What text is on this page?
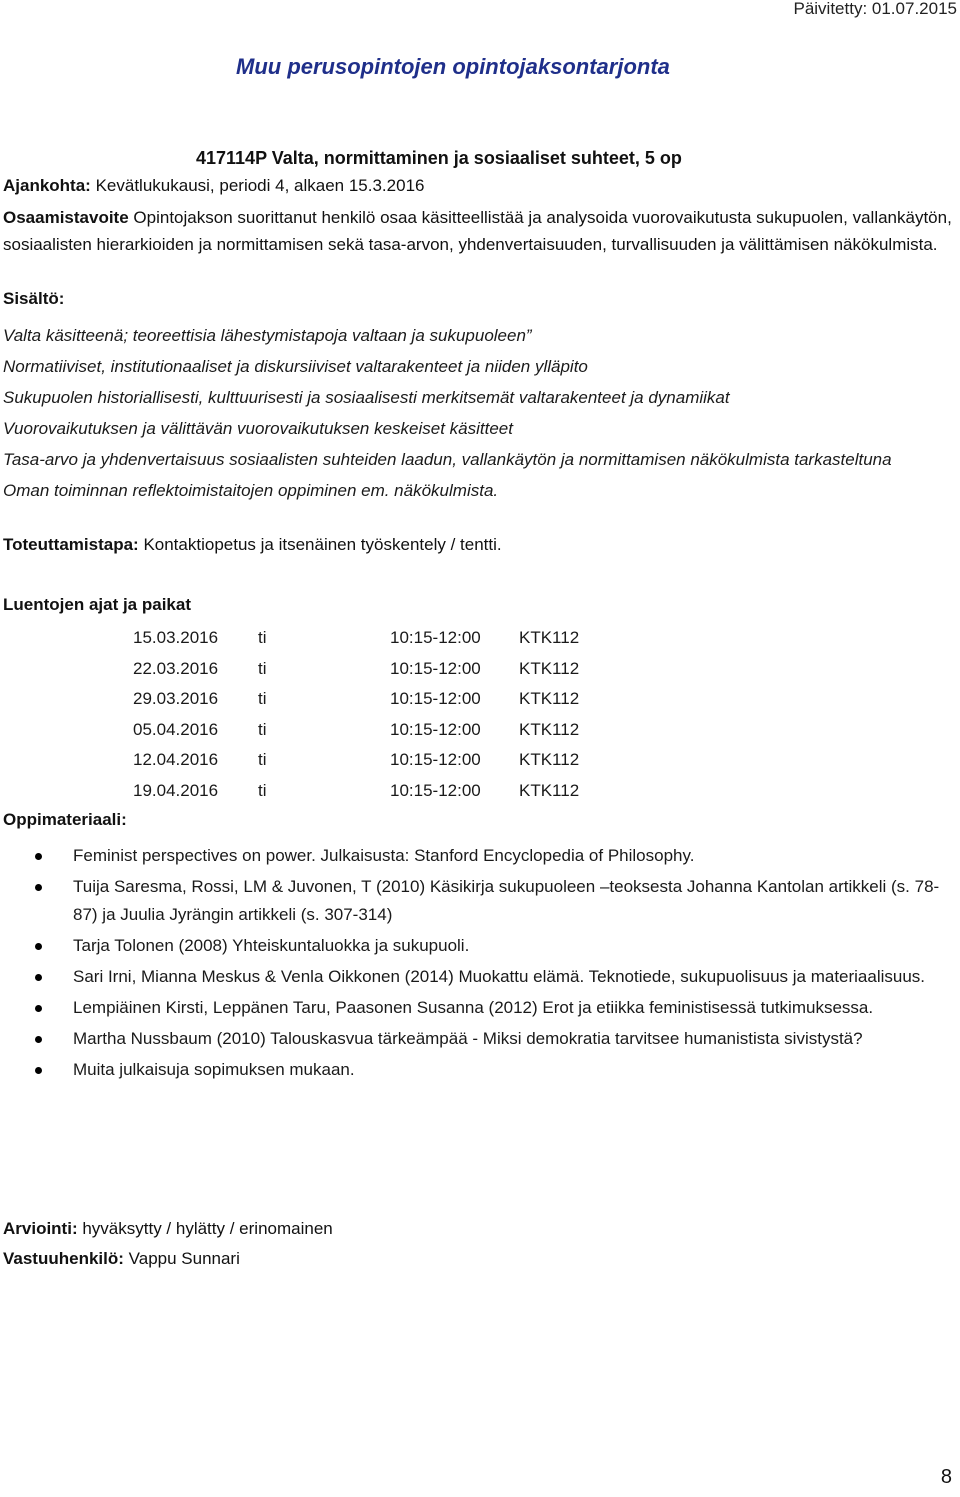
Päivitetty: 01.07.2015
Muu perusopintojen opintojaksontarjonta
417114P Valta, normittaminen ja sosiaaliset suhteet, 5 op
Ajankohta: Kevätlukukausi, periodi 4, alkaen 15.3.2016
Osaamistavoite Opintojakson suorittanut henkilö osaa käsitteellistää ja analysoida vuorovaikutusta sukupuolen, vallankäytön, sosiaalisten hierarkioiden ja normittamisen sekä tasa-arvon, yhdenvertaisuuden, turvallisuuden ja välittämisen näkökulmista.
Sisältö:
Valta käsitteenä; teoreettisia lähestymistapoja valtaan ja sukupuoleen”
Normatiiviset, institutionaaliset ja diskursiiviset valtarakenteet ja niiden ylläpito
Sukupuolen historiallisesti, kulttuurisesti ja sosiaalisesti merkitsemät valtarakenteet ja dynamiikat
Vuorovaikutuksen ja välittävän vuorovaikutuksen keskeiset käsitteet
Tasa-arvo ja yhdenvertaisuus sosiaalisten suhteiden laadun, vallankäytön ja normittamisen näkökulmista tarkasteltuna
Oman toiminnan reflektoimistaitojen oppiminen em. näkökulmista.
Toteuttamistapa: Kontaktiopetus ja itsenäinen työskentely / tentti.
Luentojen ajat ja paikat
15.03.2016 ti	10:15-12:00 KTK112
22.03.2016 ti	10:15-12:00 KTK112
29.03.2016 ti	10:15-12:00 KTK112
05.04.2016 ti	10:15-12:00 KTK112
12.04.2016 ti	10:15-12:00 KTK112
19.04.2016 ti	10:15-12:00 KTK112
Oppimateriaali:
Feminist perspectives on power. Julkaisusta: Stanford Encyclopedia of Philosophy.
Tuija Saresma, Rossi, LM & Juvonen, T (2010) Käsikirja sukupuoleen –teoksesta Johanna Kantolan artikkeli (s. 78-87) ja Juulia Jyrängin artikkeli (s. 307-314)
Tarja Tolonen (2008) Yhteiskuntaluokka ja sukupuoli.
Sari Irni, Mianna Meskus & Venla Oikkonen (2014) Muokattu elämä. Teknotiede, sukupuolisuus ja materiaalisuus.
Lempiäinen Kirsti, Leppänen Taru, Paasonen Susanna (2012) Erot ja etiikka feministisessä tutkimuksessa.
Martha Nussbaum (2010) Talouskasvua tärkeämpää - Miksi demokratia tarvitsee humanistista sivistystä?
Muita julkaisuja sopimuksen mukaan.
Arviointi: hyväksytty / hylätty / erinomainen
Vastuuhenkilö: Vappu Sunnari
8
